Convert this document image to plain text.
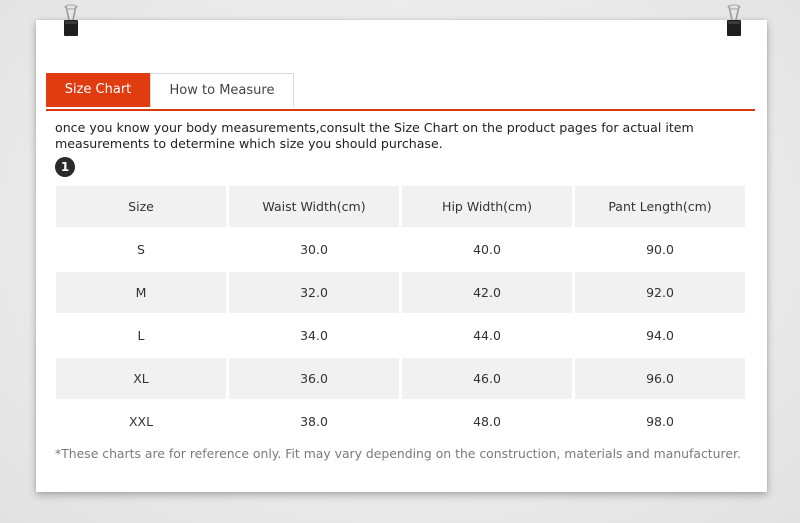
Size Chart	How to Measure
once you know your body measurements,consult the Size Chart on the product pages for actual item measurements to determine which size you should purchase.
1
Size	Waist Width(cm)	Hip Width(cm)	Pant Length(cm)
S	30.0	40.0	90.0
M	32.0	42.0	92.0
L	34.0	44.0	94.0
XL	36.0	46.0	96.0
XXL	38.0	48.0	98.0
*These charts are for reference only. Fit may vary depending on the construction, materials and manufacturer.
